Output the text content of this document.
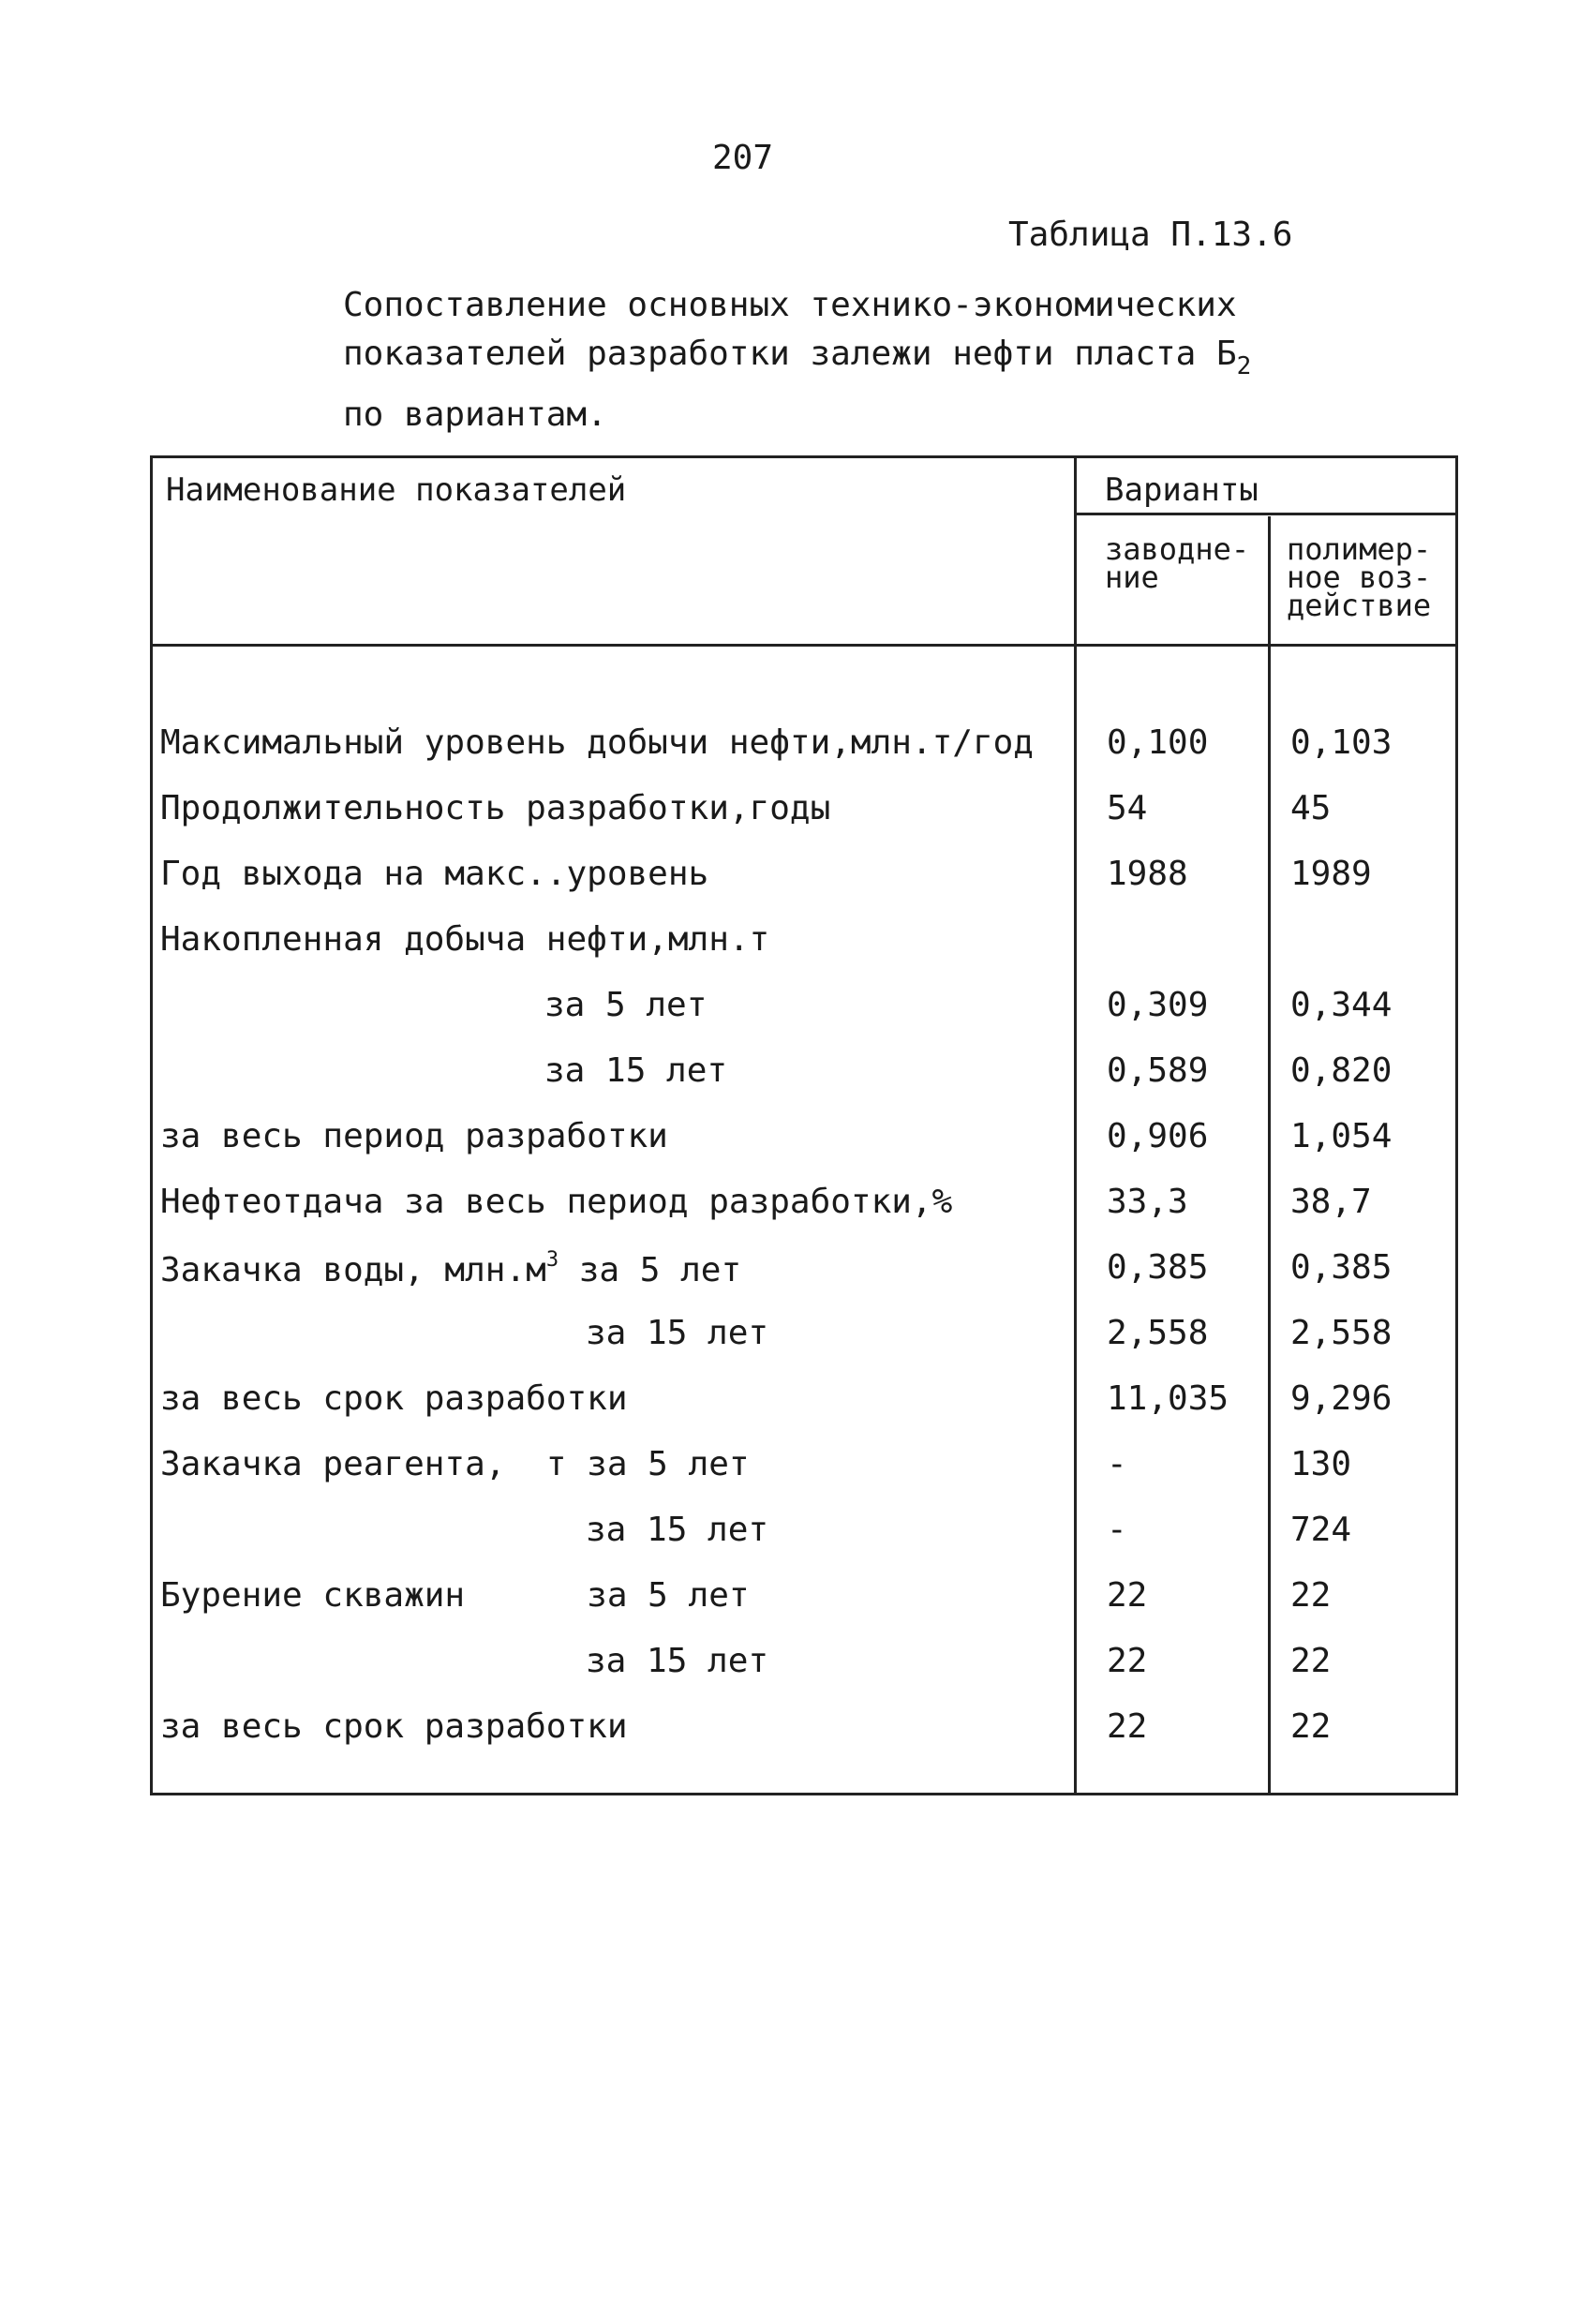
207
Таблица П.13.6
Сопоставление основных технико-экономических
показателей разработки залежи нефти пласта $Б_2$
по вариантам.
Наименование показателей	Варианты
заводне-
ние
полимер-
ное воз-
действие
Максимальный уровень добычи нефти,млн.т/год 0,100 0,103
Продолжительность разработки,годы	54	45
Год выхода на макс..уровень	1988	1989
Накопленная добыча нефти,млн.т
за 5 лет	0,309 0,344
за 15 лет	0,589 0,820
за весь период разработки	0,906 1,054
Нефтеотдача за весь период разработки,%	33,3	38,7
Закачка воды, $млн.м^3$ за 5 лет	0,385 0,385
за 15 лет	2,558 2,558
за весь срок разработки	11,035 9,296
Закачка реагента,  т за 5 лет	-	130
за 15 лет	-	724
Бурение скважин      за 5 лет	22	22
за 15 лет	22	22
за весь срок разработки	22	22
